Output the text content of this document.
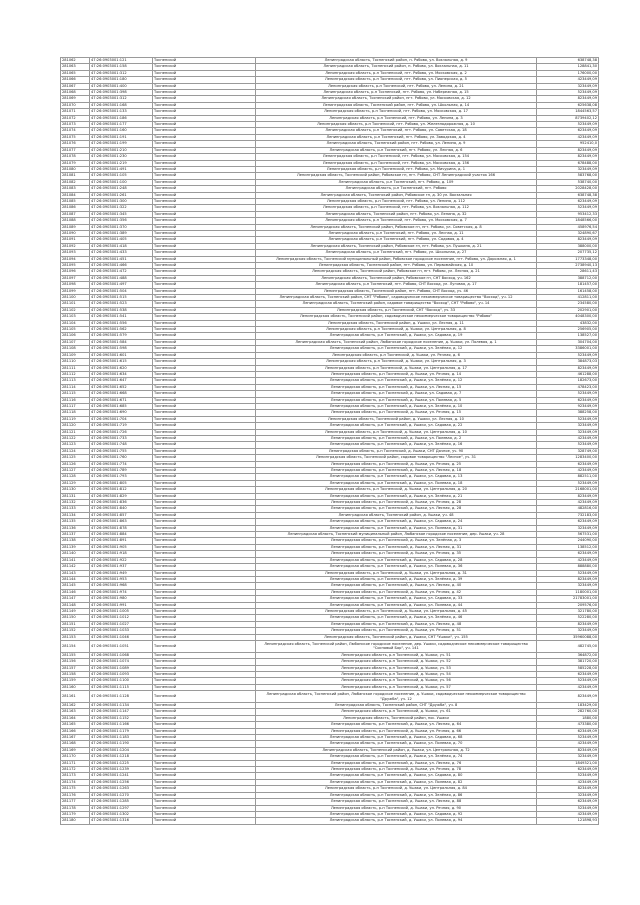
281062	47:26:0903001:121	Тосненский	Ленинградская область, Тосненский район, п. Рябово, ул. Вокзальная, д. 9	638748,38
281063	47:26:0903001:158	Тосненский	Ленинградская область, Тосненский район, п. Рябово, ул. Вокзальная, д. 11	128841,30
281065	47:26:0903001:312	Тосненский	Ленинградская область, р-н Тосненский, пгт. Рябово, ул. Московская, д. 2	176000,00
281066	47:26:0903001:180	Тосненский	Ленинградская область, р-н Тосненский, пгт. Рябово, ул. Пионерская, д. 5	423449,09
281067	47:26:0903001:400	Тосненский	Ленинградская область, р-н Тосненский, пгт. Рябово, ул. Ленина, д. 21	323449,09
281068	47:26:0903001:398	Тосненский	Ленинградская область, р-н Тосненский, пгт. Рябово, ул. Набережная, д. 15	523449,09
281069	47:26:0903001:312	Тосненский	Ленинградская область, Тосненский район, пгт. Рябово, ул. Московская, д. 12	823449,09
281070	47:26:0903001:168	Тосненский	Ленинградская область, Тосненский район, пгт. Рябово, ул. Школьная, д. 14	625638,08
281071	47:26:0903001:133	Тосненский	Ленинградская область, р-н Тосненский, пгт. Рябово, ул. Московская, д. 17	1844563,57
281072	47:26:0903001:186	Тосненский	Ленинградская область, р-н Тосненский, пгт. Рябово, ул. Ленина, д. 3	8739402,12
281073	47:26:0903001:177	Тосненский	Ленинградская область, р-н Тосненский, пгт. Рябово, ул. Железнодорожная, д. 10	523449,09
281074	47:26:0903001:160	Тосненский	Ленинградская область, р-н Тосненский, пгт. Рябово, ул. Советская, д. 18	623449,09
281075	47:26:0903001:191	Тосненский	Ленинградская область, р-н Тосненский, пгт. Рябово, ул. Заводская, д. 4	423449,09
281076	47:26:0903001:199	Тосненский	Ленинградская область, Тосненский район, пгт. Рябово, ул. Ленина, д. 9	952410,0
281077	47:26:0903001:210	Тосненский	Ленинградская область, р-н Тосненский, пгт. Рябово, ул. Лесная, д. 6	823449,09
281078	47:26:0903001:230	Тосненский	Ленинградская область, р-н Тосненский, пгт. Рябово, ул. Московская, д. 154	823449,09
281079	47:26:0903001:219	Тосненский	Ленинградская область, р-н Тосненский, пгт. Рябово, ул. Московская, д. 156	678488,00
281080	47:26:0903001:491	Тосненский	Ленинградская область, р-н Тосненский, пгт. Рябово, ул. Мичурина, д. 1	323449,09
281081	47:26:0903001:105	Тосненский	Ленинградская область, Тосненский район, Рябовское гп, пгт. Рябово, СНТ Ленинградский участок 166	583768,00
281082	47:26:0903001:100	Тосненский	Ленинградская область, р-н Тосненский, пгт. Рябово, д. 109	538740,00
281083	47:26:0903001:248	Тосненский	Ленинградская область, р-н Тосненский, пгт. Рябово	2028428,00
281084	47:26:0903001:261	Тосненский	Ленинградская область, Тосненский район, Рябовское гп, д. 30 ул. Вокзальная	638748,38
281085	47:26:0903001:300	Тосненский	Ленинградская область, р-н Тосненский, пгт. Рябово, ул. Ленина, д. 112	623449,09
281086	47:26:0903001:322	Тосненский	Ленинградская область, р-н Тосненский, пгт. Рябово, ул. Вокзальная, д. 112	523449,09
281087	47:26:0903001:345	Тосненский	Ленинградская область, Тосненский район, пгт. Рябово, ул. Ленина, д. 32	953412,33
281088	47:26:0903001:356	Тосненский	Ленинградская область, р-н Тосненский, пгт. Рябово, ул. Московская, д. 7	1848566,00
281089	47:26:0903001:370	Тосненский	Ленинградская область, Тосненский район, Рябовское гп, пгт. Рябово, ул. Советская, д. 8	458976,54
281090	47:26:0903001:389	Тосненский	Ленинградская область, р-н Тосненский, пгт. Рябово, ул. Лесная, д. 11	324890,67
281091	47:26:0903001:405	Тосненский	Ленинградская область, р-н Тосненский, пгт. Рябово, ул. Садовая, д. 4	823449,09
281092	47:26:0903001:418	Тосненский	Ленинградская область, Тосненский район, Рябовское гп, пгт. Рябово, ул. Пушкина, д. 21	388000,00
281093	47:26:0903001:433	Тосненский	Ленинградская область, р-н Тосненский, пгт. Рябово, ул. Школьная, д. 27	207735,12
281094	47:26:0903001:451	Тосненский	Ленинградская область, Тосненский муниципальный район, Рябовское городское поселение, пгт. Рябово, ул. Дорожная, д. 1	1773348,00
281095	47:26:0903001:466	Тосненский	Ленинградская область, Тосненский район, пгт. Рябово, ул. Первомайская, д. 10	2738940,13
281096	47:26:0903001:472	Тосненский	Ленинградская область, Тосненский район, Рябовское гп, пгт. Рябово, ул. Лесная, д. 21	28611,43
281097	47:26:0903001:488	Тосненский	Ленинградская область, Тосненский район, Рябовское гп, СНТ Восход, уч. 162	388712,00
281098	47:26:0903001:497	Тосненский	Ленинградская область, р-н Тосненский, пгт. Рябово, СНТ Восход, ул. Луговая, д. 17	181457,00
281099	47:26:0903001:504	Тосненский	Ленинградская область, Тосненский район, пгт. Рябово, СНТ Восход, уч. 46	161458,00
281100	47:26:0903001:515	Тосненский	Ленинградская область, Тосненский район, СНТ "Рябово", садоводческое некоммерческое товарищество "Восход", уч. 12	412811,00
281101	47:26:0903001:523	Тосненский	Ленинградская область, Тосненский район, садовое товарищество "Восход", СНТ "Рябово", уч. 14	234580,00
281102	47:26:0903001:538	Тосненский	Ленинградская область, р-н Тосненский, СНТ "Восход", уч. 33	202901,00
281103	47:26:0903001:541	Тосненский	Ленинградская область, Тосненский район, садоводческое некоммерческое товарищество "Рябово"	4048300,00
281104	47:26:0903001:556	Тосненский	Ленинградская область, Тосненский район, д. Ушаки, ул. Лесная, д. 11	43832,00
281105	47:26:0903001:562	Тосненский	Ленинградская область, р-н Тосненский, д. Ушаки, ул. Центральная, д. 8	256905,00
281106	47:26:0903001:579	Тосненский	Ленинградская область, р-н Тосненский, д. Ушаки, ул. Садовая, д. 19	138527,00
281107	47:26:0903001:584	Тосненский	Ленинградская область, Тосненский район, Любанское городское поселение, д. Ушаки, ул. Полевая, д. 1	304704,00
281108	47:26:0903001:598	Тосненский	Ленинградская область, р-н Тосненский, д. Ушаки, ул. Зелёная, д. 12	3386001,00
281109	47:26:0903001:601	Тосненский	Ленинградская область, р-н Тосненский, д. Ушаки, ул. Речная, д. 6	523449,09
281110	47:26:0903001:615	Тосненский	Ленинградская область, р-н Тосненский, д. Ушаки, ул. Центральная, д. 3	384873,03
281111	47:26:0903001:620	Тосненский	Ленинградская область, р-н Тосненский, д. Ушаки, ул. Центральная, д. 17	823449,09
281112	47:26:0903001:634	Тосненский	Ленинградская область, р-н Тосненский, д. Ушаки, ул. Речная, д. 14	461288,00
281113	47:26:0903001:647	Тосненский	Ленинградская область, р-н Тосненский, д. Ушаки, ул. Зелёная, д. 12	182673,00
281114	47:26:0903001:652	Тосненский	Ленинградская область, р-н Тосненский, д. Ушаки, ул. Лесная, д. 15	478423,00
281115	47:26:0903001:668	Тосненский	Ленинградская область, р-н Тосненский, д. Ушаки, ул. Садовая, д. 7	523449,09
281116	47:26:0903001:671	Тосненский	Ленинградская область, р-н Тосненский, д. Ушаки, ул. Полевая, д. 5	623449,09
281117	47:26:0903001:685	Тосненский	Ленинградская область, р-н Тосненский, д. Ушаки, ул. Зелёная, д. 10	923449,09
281118	47:26:0903001:690	Тосненский	Ленинградская область, р-н Тосненский, д. Ушаки, ул. Речная, д. 15	388258,00
281119	47:26:0903001:704	Тосненский	Ленинградская область, Тосненский район, д. Ушаки, ул. Лесная, д. 10	523449,09
281120	47:26:0903001:719	Тосненский	Ленинградская область, р-н Тосненский, д. Ушаки, ул. Садовая, д. 22	323449,09
281121	47:26:0903001:726	Тосненский	Ленинградская область, р-н Тосненский, д. Ушаки, ул. Центральная, д. 10	323449,09
281122	47:26:0903001:733	Тосненский	Ленинградская область, р-н Тосненский, д. Ушаки, ул. Полевая, д. 2	423449,09
281123	47:26:0903001:748	Тосненский	Ленинградская область, р-н Тосненский, д. Ушаки, ул. Зелёная, д. 16	523449,09
281124	47:26:0903001:755	Тосненский	Ленинградская область, р-н Тосненский, д. Ушаки, СНТ Дачное, уч. 90	328749,00
281125	47:26:0903001:760	Тосненский	Ленинградская область, Тосненский район, садовое товарищество "Лесное", уч. 31	1283400,00
281126	47:26:0903001:774	Тосненский	Ленинградская область, р-н Тосненский, д. Ушаки, ул. Речная, д. 25	623449,09
281127	47:26:0903001:789	Тосненский	Ленинградская область, р-н Тосненский, д. Ушаки, ул. Лесная, д. 18	423449,09
281128	47:26:0903001:793	Тосненский	Ленинградская область, р-н Тосненский, д. Ушаки, ул. Садовая, д. 13	882511,00
281129	47:26:0903001:805	Тосненский	Ленинградская область, р-н Тосненский, д. Ушаки, ул. Полевая, д. 18	523449,09
281130	47:26:0903001:812	Тосненский	Ленинградская область, р-н Тосненский, д. Ушаки, ул. Центральная, д. 20	2168001,00
281131	47:26:0903001:829	Тосненский	Ленинградская область, р-н Тосненский, д. Ушаки, ул. Зелёная, д. 21	823449,09
281132	47:26:0903001:836	Тосненский	Ленинградская область, р-н Тосненский, д. Ушаки, ул. Речная, д. 28	423449,09
281133	47:26:0903001:840	Тосненский	Ленинградская область, р-н Тосненский, д. Ушаки, ул. Лесная, д. 28	482816,00
281134	47:26:0903001:857	Тосненский	Ленинградская область, Тосненский район, д. Ушаки, уч. 48	732183,00
281135	47:26:0903001:863	Тосненский	Ленинградская область, р-н Тосненский, д. Ушаки, ул. Садовая, д. 24	623449,09
281136	47:26:0903001:878	Тосненский	Ленинградская область, р-н Тосненский, д. Ушаки, ул. Полевая, д. 31	323449,09
281137	47:26:0903001:884	Тосненский	Ленинградская область, Тосненский муниципальный район, Любанское городское поселение, дер. Ушаки, уч. 28	567531,00
281138	47:26:0903001:891	Тосненский	Ленинградская область, р-н Тосненский, д. Ушаки, ул. Зелёная, д. 3	244090,00
281139	47:26:0903001:905	Тосненский	Ленинградская область, р-н Тосненский, д. Ушаки, ул. Лесная, д. 31	138512,00
281140	47:26:0903001:918	Тосненский	Ленинградская область, р-н Тосненский, д. Ушаки, ул. Речная, д. 35	623449,09
281141	47:26:0903001:922	Тосненский	Ленинградская область, р-н Тосненский, д. Ушаки, ул. Садовая, д. 28	423449,09
281142	47:26:0903001:937	Тосненский	Ленинградская область, р-н Тосненский, д. Ушаки, ул. Полевая, д. 36	888880,00
281143	47:26:0903001:949	Тосненский	Ленинградская область, р-н Тосненский, д. Ушаки, ул. Центральная, д. 31	523449,09
281144	47:26:0903001:953	Тосненский	Ленинградская область, р-н Тосненский, д. Ушаки, ул. Зелёная, д. 39	823449,09
281145	47:26:0903001:968	Тосненский	Ленинградская область, р-н Тосненский, д. Ушаки, ул. Лесная, д. 40	323449,09
281146	47:26:0903001:974	Тосненский	Ленинградская область, р-н Тосненский, д. Ушаки, ул. Речная, д. 42	1180001,00
281147	47:26:0903001:980	Тосненский	Ленинградская область, р-н Тосненский, д. Ушаки, ул. Садовая, д. 33	21783001,00
281148	47:26:0903001:991	Тосненский	Ленинградская область, р-н Тосненский, д. Ушаки, ул. Полевая, д. 44	209576,00
281149	47:26:0903001:1005	Тосненский	Ленинградская область, р-н Тосненский, д. Ушаки, ул. Центральная, д. 45	321780,00
281150	47:26:0903001:1012	Тосненский	Ленинградская область, р-н Тосненский, д. Ушаки, ул. Зелёная, д. 46	522280,00
281151	47:26:0903001:1027	Тосненский	Ленинградская область, р-н Тосненский, д. Ушаки, ул. Лесная, д. 48	823449,09
281152	47:26:0903001:1033	Тосненский	Ленинградская область, р-н Тосненский, д. Ушаки, ул. Речная, д. 51	323449,09
281153	47:26:0903001:1046	Тосненский	Ленинградская область, Тосненский район, д. Ушаки, СНТ "Ушаки", уч. 155	35960088,00
281154	47:26:0903001:1051	Тосненский	Ленинградская область, Тосненский район, Любанское городское поселение, дер. Ушаки, садоводческое некоммерческое товарищество "Сосновый Бор", уч. 141	482745,00
281155	47:26:0903001:1068	Тосненский	Ленинградская область, р-н Тосненский, д. Ушаки, уч. 51	364872,00
281156	47:26:0903001:1074	Тосненский	Ленинградская область, р-н Тосненский, д. Ушаки, уч. 52	381720,00
281157	47:26:0903001:1089	Тосненский	Ленинградская область, р-н Тосненский, д. Ушаки, уч. 53	585228,00
281158	47:26:0903001:1093	Тосненский	Ленинградская область, р-н Тосненский, д. Ушаки, уч. 54	623449,09
281159	47:26:0903001:1100	Тосненский	Ленинградская область, р-н Тосненский, д. Ушаки, уч. 56	523449,09
281160	47:26:0903001:1115	Тосненский	Ленинградская область, р-н Тосненский, д. Ушаки, уч. 57	423449,09
281161	47:26:0903001:1128	Тосненский	Ленинградская область, Тосненский район, Любанское городское поселение, д. Ушаки, садоводческое некоммерческое товарищество "Дружба", уч. 12	823449,09
281162	47:26:0903001:1134	Тосненский	Ленинградская область, Тосненский район, СНТ "Дружба", уч. 8	183429,00
281163	47:26:0903001:1147	Тосненский	Ленинградская область, р-н Тосненский, д. Ушаки, уч. 61	282760,00
281164	47:26:0903001:1152	Тосненский	Ленинградская область, Тосненский район, пос. Ушаки	1880,00
281165	47:26:0903001:1166	Тосненский	Ленинградская область, р-н Тосненский, д. Ушаки, ул. Лесная, д. 64	473380,00
281166	47:26:0903001:1179	Тосненский	Ленинградская область, р-н Тосненский, д. Ушаки, ул. Речная, д. 66	623449,09
281167	47:26:0903001:1183	Тосненский	Ленинградская область, р-н Тосненский, д. Ушаки, ул. Садовая, д. 68	523449,09
281168	47:26:0903001:1190	Тосненский	Ленинградская область, р-н Тосненский, д. Ушаки, ул. Полевая, д. 70	423449,09
281169	47:26:0903001:1204	Тосненский	Ленинградская область, Тосненский район, д. Ушаки, ул. Центральная, д. 72	823449,09
281170	47:26:0903001:1218	Тосненский	Ленинградская область, р-н Тосненский, д. Ушаки, ул. Зелёная, д. 74	323449,09
281171	47:26:0903001:1225	Тосненский	Ленинградская область, р-н Тосненский, д. Ушаки, ул. Лесная, д. 76	1849321,00
281172	47:26:0903001:1239	Тосненский	Ленинградская область, р-н Тосненский, д. Ушаки, ул. Речная, д. 78	623449,09
281173	47:26:0903001:1241	Тосненский	Ленинградская область, р-н Тосненский, д. Ушаки, ул. Садовая, д. 80	523449,09
281174	47:26:0903001:1256	Тосненский	Ленинградская область, р-н Тосненский, д. Ушаки, ул. Полевая, д. 82	423449,09
281175	47:26:0903001:1263	Тосненский	Ленинградская область, р-н Тосненский, д. Ушаки, ул. Центральная, д. 84	823449,09
281176	47:26:0903001:1270	Тосненский	Ленинградская область, р-н Тосненский, д. Ушаки, ул. Зелёная, д. 86	323449,09
281177	47:26:0903001:1285	Тосненский	Ленинградская область, р-н Тосненский, д. Ушаки, ул. Лесная, д. 88	623449,09
281178	47:26:0903001:1297	Тосненский	Ленинградская область, р-н Тосненский, д. Ушаки, ул. Речная, д. 90	523449,09
281179	47:26:0903001:1302	Тосненский	Ленинградская область, р-н Тосненский, д. Ушаки, ул. Садовая, д. 92	423449,09
281180	47:26:0903001:1316	Тосненский	Ленинградская область, р-н Тосненский, д. Ушаки, ул. Полевая, д. 94	121898,93
